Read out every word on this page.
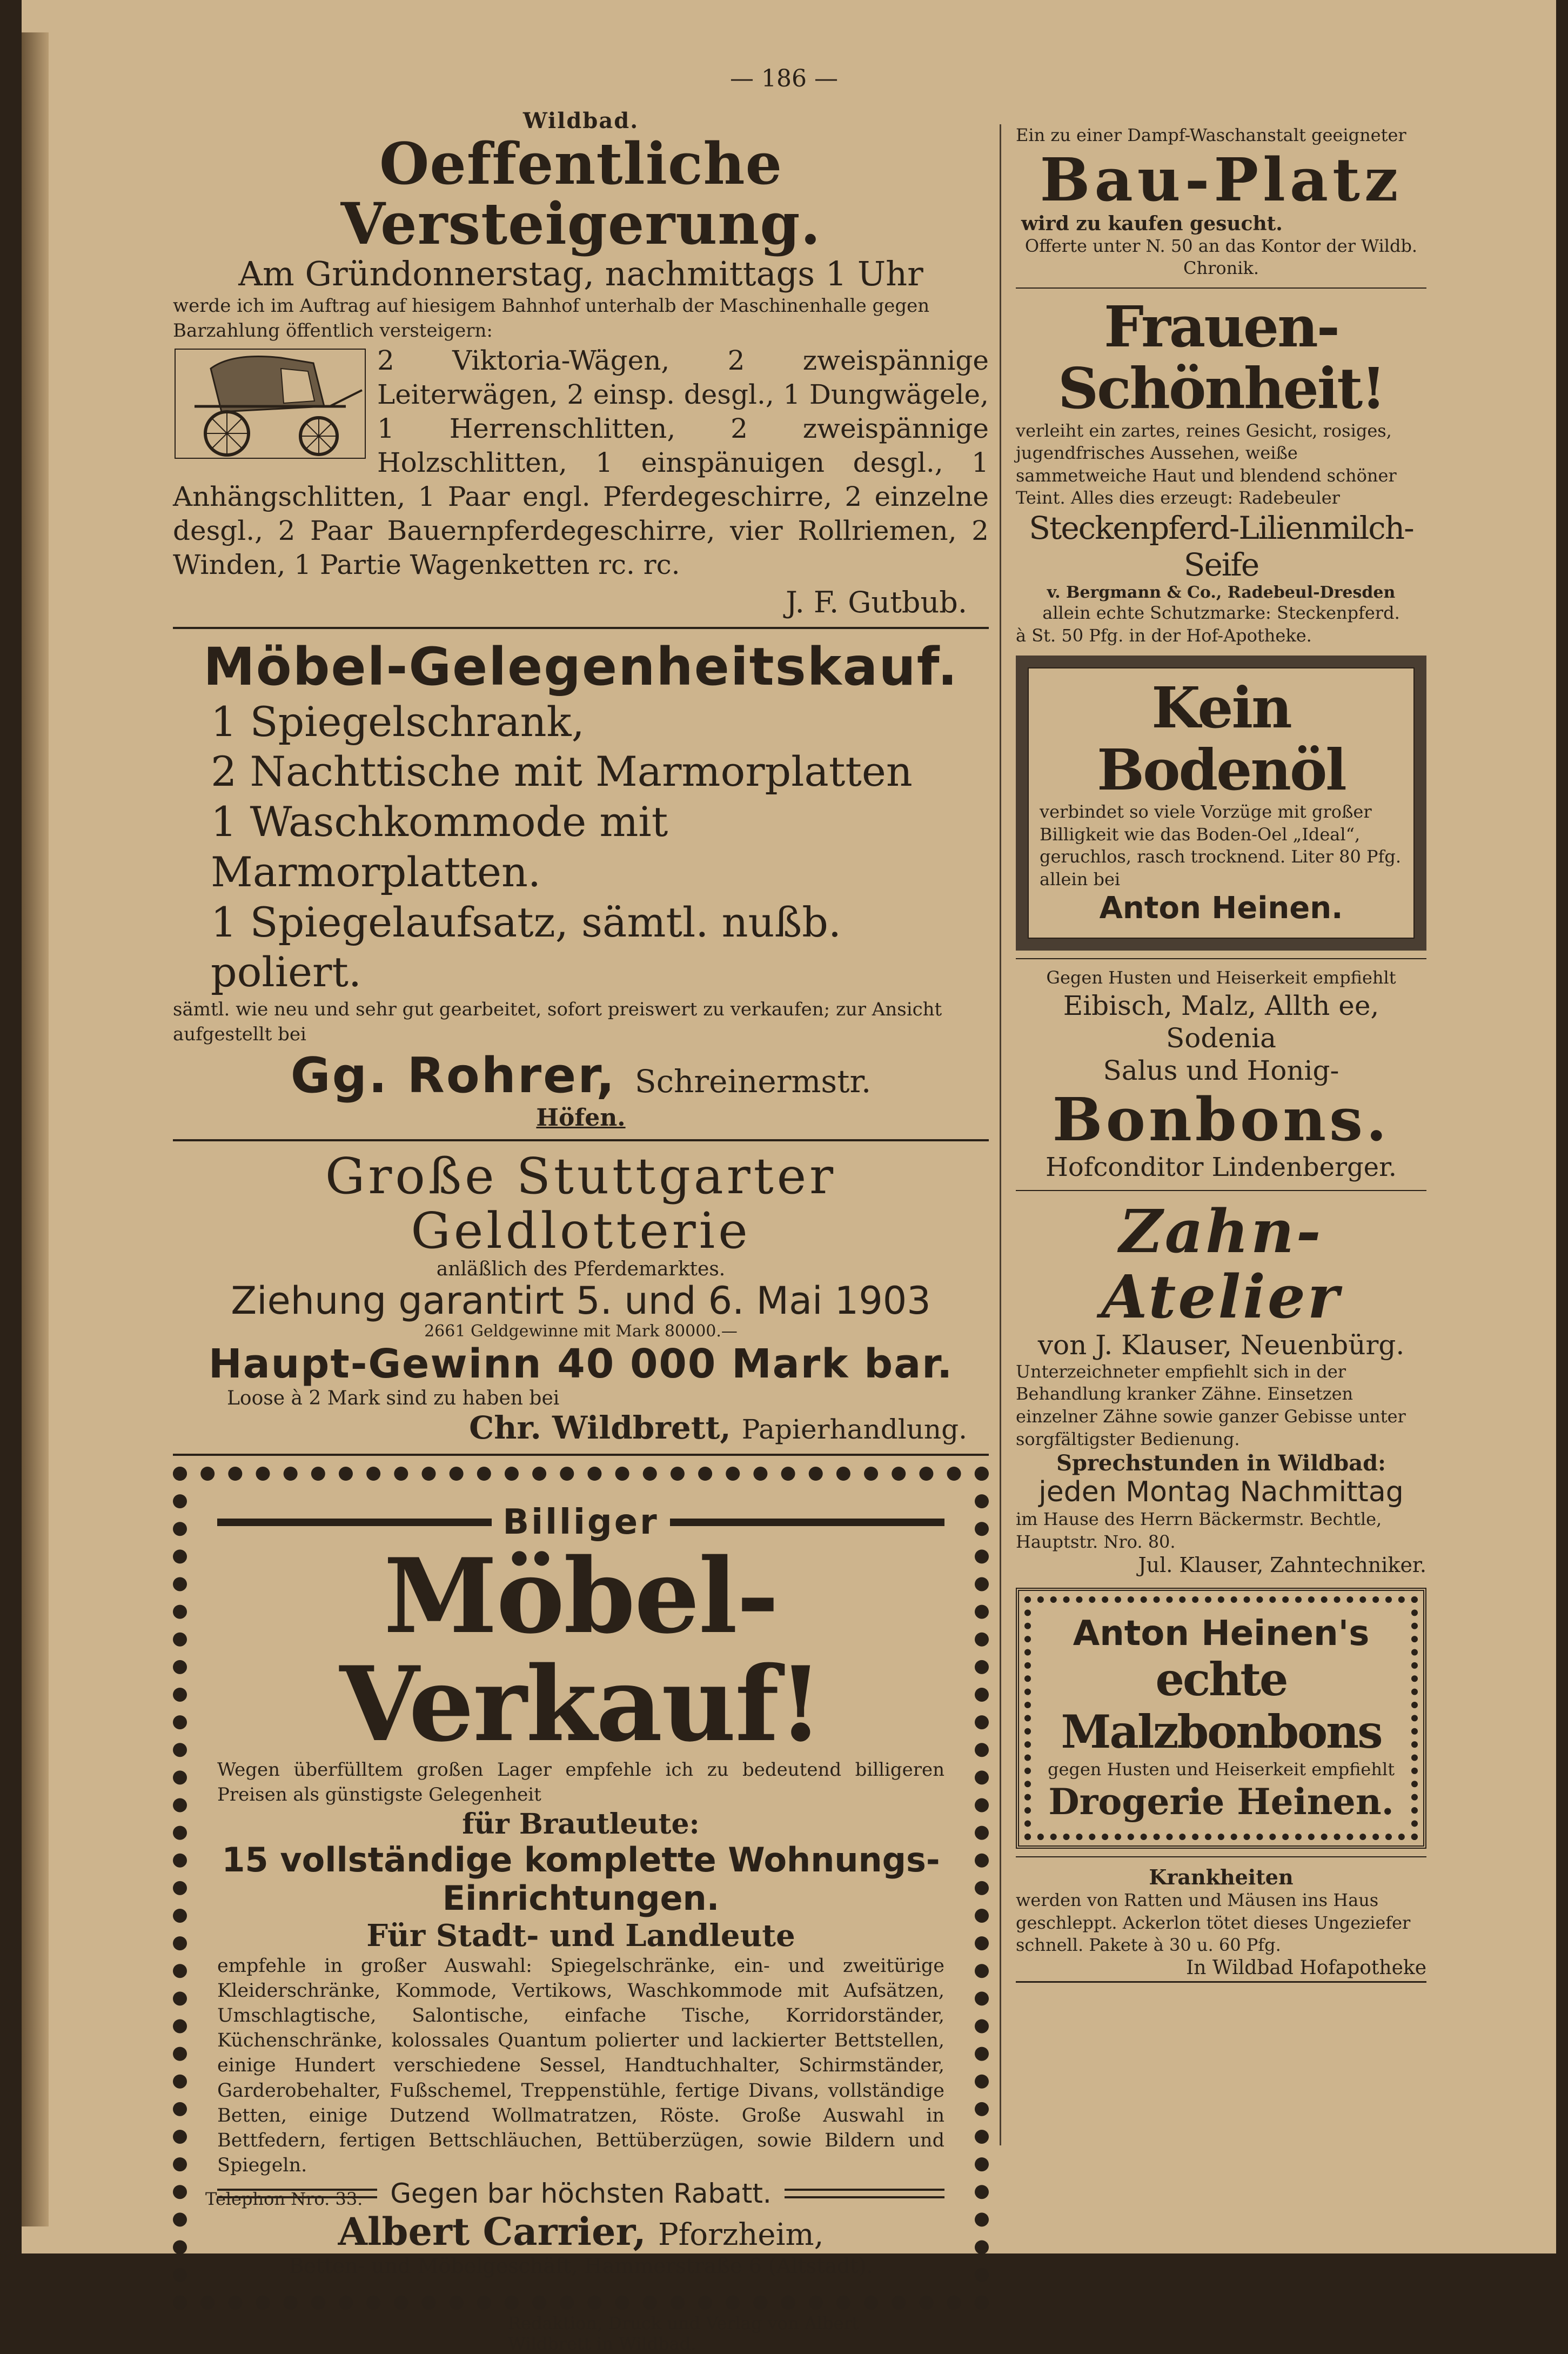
— 186 —
Wildbad.
Oeffentliche Versteigerung.
Am Gründonnerstag, nachmittags 1 Uhr

werde ich im Auftrag auf hiesigem Bahnhof unterhalb der Maschinenhalle gegen Barzahlung öffentlich versteigern:

2 Viktoria-Wägen, 2 zweispännige Leiterwägen, 2 einsp. desgl., 1 Dungwägele, 1 Herrenschlitten, 2 zweispännige Holzschlitten, 1 einspänuigen desgl., 1 Anhängschlitten, 1 Paar engl. Pferdegeschirre, 2 einzelne desgl., 2 Paar Bauernpferdegeschirre, vier Rollriemen, 2 Winden, 1 Partie Wagenketten rc. rc.

J. F. Gutbub.
Möbel-Gelegenheitskauf.
1 Spiegelschrank,
2 Nachttische mit Marmorplatten
1 Waschkommode mit Marmorplatten.
1 Spiegelaufsatz, sämtl. nußb. poliert.

sämtl. wie neu und sehr gut gearbeitet, sofort preiswert zu verkaufen; zur Ansicht aufgestellt bei

Gg. Rohrer, Schreinermstr.
Höfen.
Große Stuttgarter Geldlotterie
anläßlich des Pferdemarktes.
Ziehung garantirt 5. und 6. Mai 1903
2661 Geldgewinne mit Mark 80000.—
Haupt-Gewinn 40 000 Mark bar.
Loose à 2 Mark sind zu haben bei
Chr. Wildbrett, Papierhandlung.
Billiger
Möbel-Verkauf!

Wegen überfülltem großen Lager empfehle ich zu bedeutend billigeren Preisen als günstigste Gelegenheit

für Brautleute:
15 vollständige komplette Wohnungs-Einrichtungen.
Für Stadt- und Landleute

empfehle in großer Auswahl: Spiegelschränke, ein- und zweitürige Kleiderschränke, Kommode, Vertikows, Waschkommode mit Aufsätzen, Umschlagtische, Salontische, einfache Tische, Korridorständer, Küchenschränke, kolossales Quantum polierter und lackierter Bettstellen, einige Hundert verschiedene Sessel, Handtuchhalter, Schirmständer, Garderobehalter, Fußschemel, Treppenstühle, fertige Divans, vollständige Betten, einige Dutzend Wollmatratzen, Röste. Große Auswahl in Bettfedern, fertigen Bettschläuchen, Bettüberzügen, sowie Bildern und Spiegeln.

Gegen bar höchsten Rabatt.
Albert Carrier, Pforzheim,
Betten- und Möbelgeschäft, Hammerstraße 6 (Altstadt).
Telephon Nro. 33.
Redaktion, Druck und Verlag von Albert Wildbrett in Wildbad.

Ein zu einer Dampf-Waschanstalt geeigneter

Bau-Platz
wird zu kaufen gesucht.

Offerte unter N. 50 an das Kontor der Wildb. Chronik.

Frauen-Schönheit!

verleiht ein zartes, reines Gesicht, rosiges, jugendfrisches Aussehen, weiße sammetweiche Haut und blendend schöner Teint. Alles dies erzeugt: Radebeuler

Steckenpferd-Lilienmilch-Seife
v. Bergmann & Co., Radebeul-Dresden

allein echte Schutzmarke: Steckenpferd.

à St. 50 Pfg. in der Hof-Apotheke.

Kein Bodenöl

verbindet so viele Vorzüge mit großer Billigkeit wie das Boden-Oel „Ideal“, geruchlos, rasch trocknend. Liter 80 Pfg. allein bei

Anton Heinen.

Gegen Husten und Heiserkeit empfiehlt

Eibisch, Malz, Allth ee, Sodenia
Salus und Honig-
Bonbons.
Hofconditor Lindenberger.
Zahn-Atelier
von J. Klauser, Neuenbürg.

Unterzeichneter empfiehlt sich in der Behandlung kranker Zähne. Einsetzen einzelner Zähne sowie ganzer Gebisse unter sorgfältigster Bedienung.

Sprechstunden in Wildbad:
jeden Montag Nachmittag

im Hause des Herrn Bäckermstr. Bechtle, Hauptstr. Nro. 80.

Jul. Klauser, Zahntechniker.
Anton Heinen's
echte Malzbonbons

gegen Husten und Heiserkeit empfiehlt

Drogerie Heinen.
Krankheiten

werden von Ratten und Mäusen ins Haus geschleppt. Ackerlon tötet dieses Ungeziefer schnell. Pakete à 30 u. 60 Pfg.

In Wildbad Hofapotheke
